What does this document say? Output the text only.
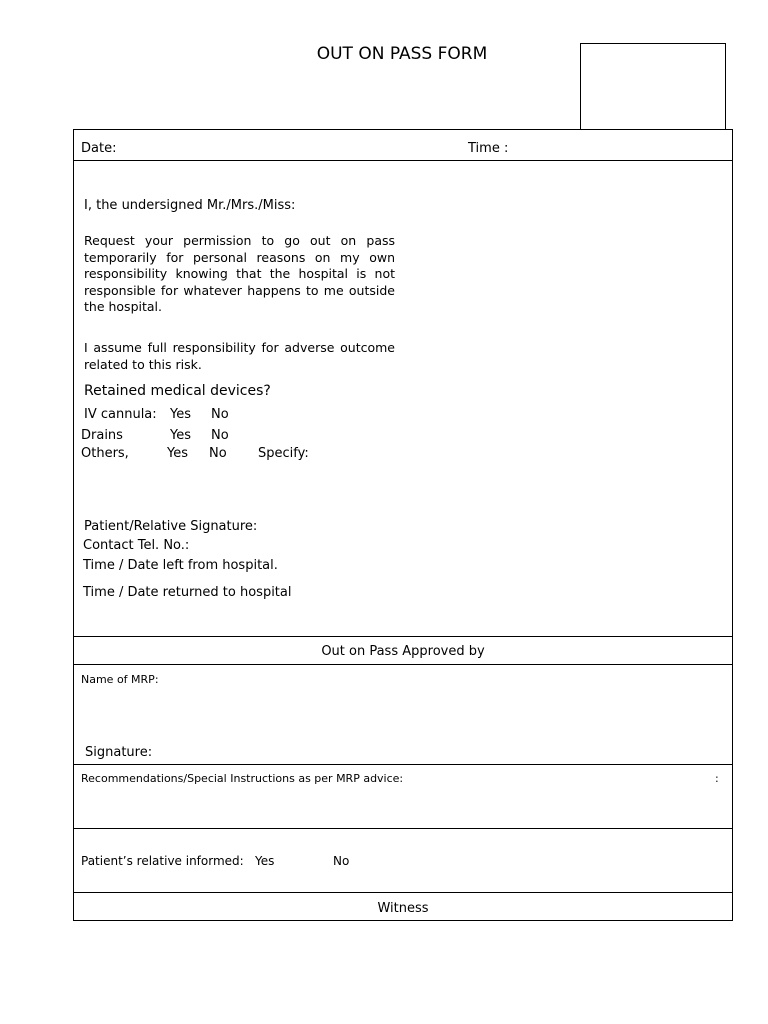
OUT ON PASS FORM
Date:	Time :
I, the undersigned Mr./Mrs./Miss:
Request your permission to go out on pass temporarily for personal reasons on my own responsibility knowing that the hospital is not responsible for whatever happens to me outside the hospital.
I assume full responsibility for adverse outcome related to this risk.
Retained medical devices?
IV cannula: Yes No
Drains	Yes No
Others,	Yes No Specify:
Patient/Relative Signature:
Contact Tel. No.:
Time / Date left from hospital.
Time / Date returned to hospital
Out on Pass Approved by
Name of MRP:
Signature:
Recommendations/Special Instructions as per MRP advice:	:
Patient’s relative informed: Yes	No
Witness
